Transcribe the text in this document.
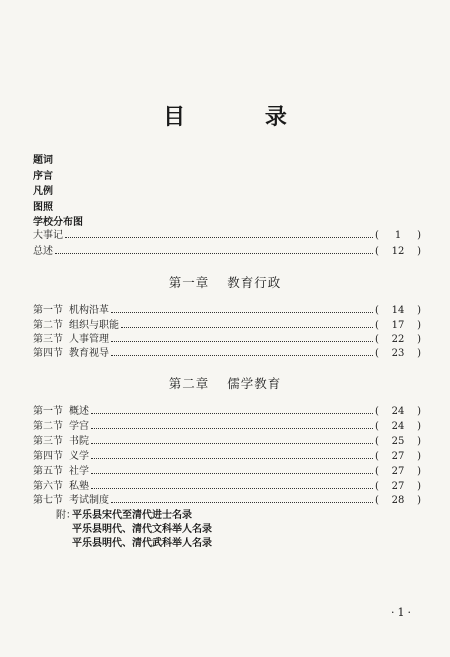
目 录
题词
序言
凡例
图照
学校分布图
大事记	(	1	)
总述	(	12	)
第一章 教育行政
第一节 机构沿革	(	14	)
第二节 组织与职能	(	17	)
第三节 人事管理	(	22	)
第四节 教育视导	(	23	)
第二章 儒学教育
第一节 概述	(	24	)
第二节 学宫	(	24	)
第三节 书院	(	25	)
第四节 义学	(	27	)
第五节 社学	(	27	)
第六节 私塾	(	27	)
第七节 考试制度	(	28	)
附：平乐县宋代至清代进士名录
平乐县明代、清代文科举人名录
平乐县明代、清代武科举人名录
·1·
